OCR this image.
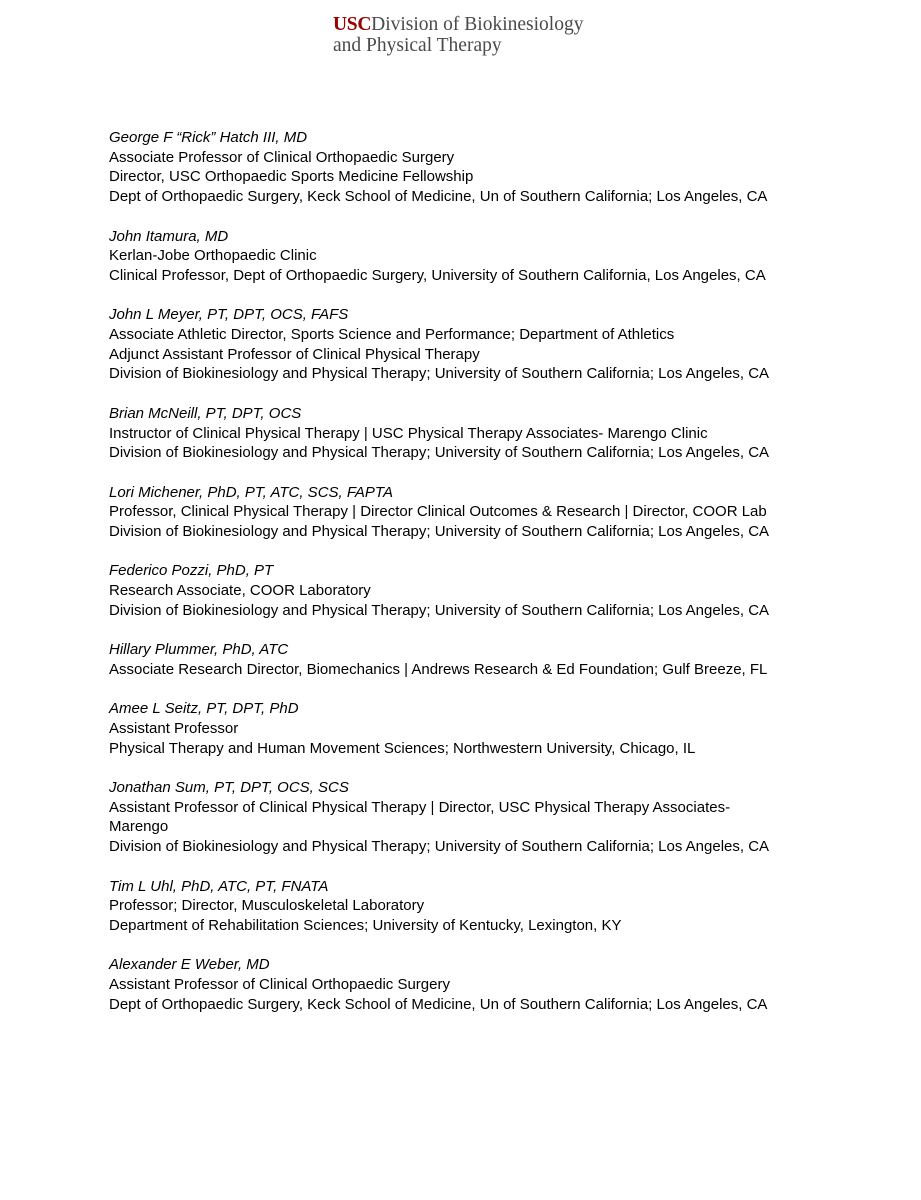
USCDivision of Biokinesiology
and Physical Therapy
George F “Rick” Hatch III, MD
Associate Professor of Clinical Orthopaedic Surgery
Director, USC Orthopaedic Sports Medicine Fellowship
Dept of Orthopaedic Surgery, Keck School of Medicine, Un of Southern California; Los Angeles, CA
John Itamura, MD
Kerlan-Jobe Orthopaedic Clinic
Clinical Professor, Dept of Orthopaedic Surgery, University of Southern California, Los Angeles, CA
John L Meyer, PT, DPT, OCS, FAFS
Associate Athletic Director, Sports Science and Performance; Department of Athletics
Adjunct Assistant Professor of Clinical Physical Therapy
Division of Biokinesiology and Physical Therapy; University of Southern California; Los Angeles, CA
Brian McNeill, PT, DPT, OCS
Instructor of Clinical Physical Therapy | USC Physical Therapy Associates- Marengo Clinic
Division of Biokinesiology and Physical Therapy; University of Southern California; Los Angeles, CA
Lori Michener, PhD, PT, ATC, SCS, FAPTA
Professor, Clinical Physical Therapy | Director Clinical Outcomes & Research | Director, COOR Lab
Division of Biokinesiology and Physical Therapy; University of Southern California; Los Angeles, CA
Federico Pozzi, PhD, PT
Research Associate, COOR Laboratory
Division of Biokinesiology and Physical Therapy; University of Southern California; Los Angeles, CA
Hillary Plummer, PhD, ATC
Associate Research Director, Biomechanics | Andrews Research & Ed Foundation; Gulf Breeze, FL
Amee L Seitz, PT, DPT, PhD
Assistant Professor
Physical Therapy and Human Movement Sciences; Northwestern University, Chicago, IL
Jonathan Sum, PT, DPT, OCS, SCS
Assistant Professor of Clinical Physical Therapy | Director, USC Physical Therapy Associates-
Marengo
Division of Biokinesiology and Physical Therapy; University of Southern California; Los Angeles, CA
Tim L Uhl, PhD, ATC, PT, FNATA
Professor; Director, Musculoskeletal Laboratory
Department of Rehabilitation Sciences; University of Kentucky, Lexington, KY
Alexander E Weber, MD
Assistant Professor of Clinical Orthopaedic Surgery
Dept of Orthopaedic Surgery, Keck School of Medicine, Un of Southern California; Los Angeles, CA
